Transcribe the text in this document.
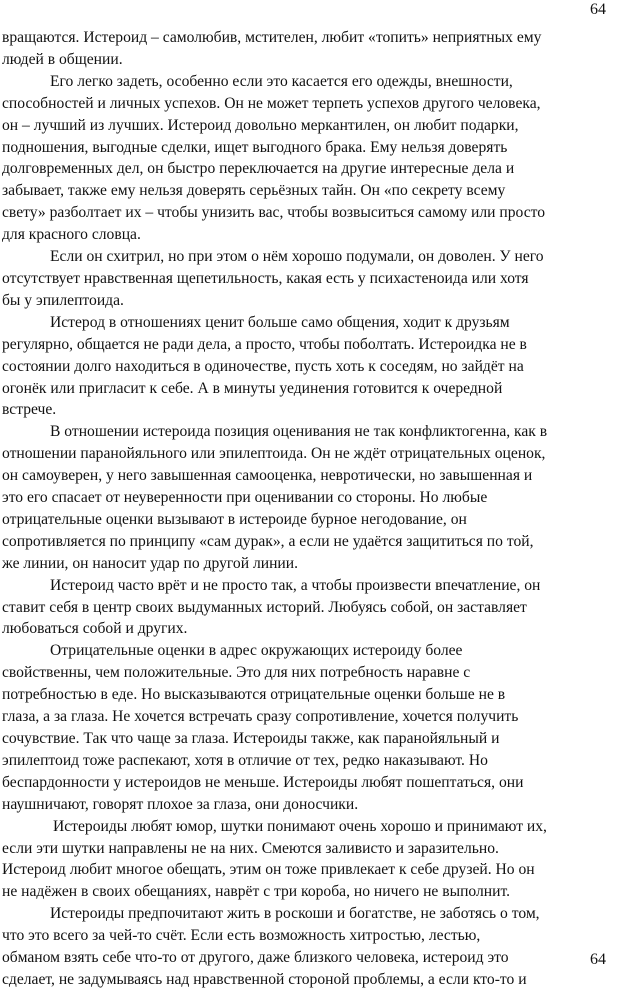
64
вращаются. Истероид – самолюбив, мстителен, любит «топить» неприятных ему
людей в общении.
Его легко задеть, особенно если это касается его одежды, внешности,
способностей и личных успехов. Он не может терпеть успехов другого человека,
он – лучший из лучших. Истероид довольно меркантилен, он любит подарки,
подношения, выгодные сделки, ищет выгодного брака. Ему нельзя доверять
долговременных дел, он быстро переключается на другие интересные дела и
забывает, также ему нельзя доверять серьёзных тайн. Он «по секрету всему
свету» разболтает их – чтобы унизить вас, чтобы возвыситься самому или просто
для красного словца.
Если он схитрил, но при этом о нём хорошо подумали, он доволен. У него
отсутствует нравственная щепетильность, какая есть у психастеноида или хотя
бы у эпилептоида.
Истерод в отношениях ценит больше само общения, ходит к друзьям
регулярно, общается не ради дела, а просто, чтобы поболтать. Истероидка не в
состоянии долго находиться в одиночестве, пусть хоть к соседям, но зайдёт на
огонёк или пригласит к себе. А в минуты уединения готовится к очередной
встрече.
В отношении истероида позиция оценивания не так конфликтогенна, как в
отношении паранойяльного или эпилептоида. Он не ждёт отрицательных оценок,
он самоуверен, у него завышенная самооценка, невротически, но завышенная и
это его спасает от неуверенности при оценивании со стороны. Но любые
отрицательные оценки вызывают в истероиде бурное негодование, он
сопротивляется по принципу «сам дурак», а если не удаётся защититься по той,
же линии, он наносит удар по другой линии.
Истероид часто врёт и не просто так, а чтобы произвести впечатление, он
ставит себя в центр своих выдуманных историй. Любуясь собой, он заставляет
любоваться собой и других.
Отрицательные оценки в адрес окружающих истероиду более
свойственны, чем положительные. Это для них потребность наравне с
потребностью в еде. Но высказываются отрицательные оценки больше не в
глаза, а за глаза. Не хочется встречать сразу сопротивление, хочется получить
сочувствие. Так что чаще за глаза. Истероиды также, как паранойяльный и
эпилептоид тоже распекают, хотя в отличие от тех, редко наказывают. Но
беспардонности у истероидов не меньше. Истероиды любят пошептаться, они
наушничают, говорят плохое за глаза, они доносчики.
Истероиды любят юмор, шутки понимают очень хорошо и принимают их,
если эти шутки направлены не на них. Смеются заливисто и заразительно.
Истероид любит многое обещать, этим он тоже привлекает к себе друзей. Но он
не надёжен в своих обещаниях, наврёт с три короба, но ничего не выполнит.
Истероиды предпочитают жить в роскоши и богатстве, не заботясь о том,
что это всего за чей-то счёт. Если есть возможность хитростью, лестью,
обманом взять себе что-то от другого, даже близкого человека, истероид это
сделает, не задумываясь над нравственной стороной проблемы, а если кто-то и
64
